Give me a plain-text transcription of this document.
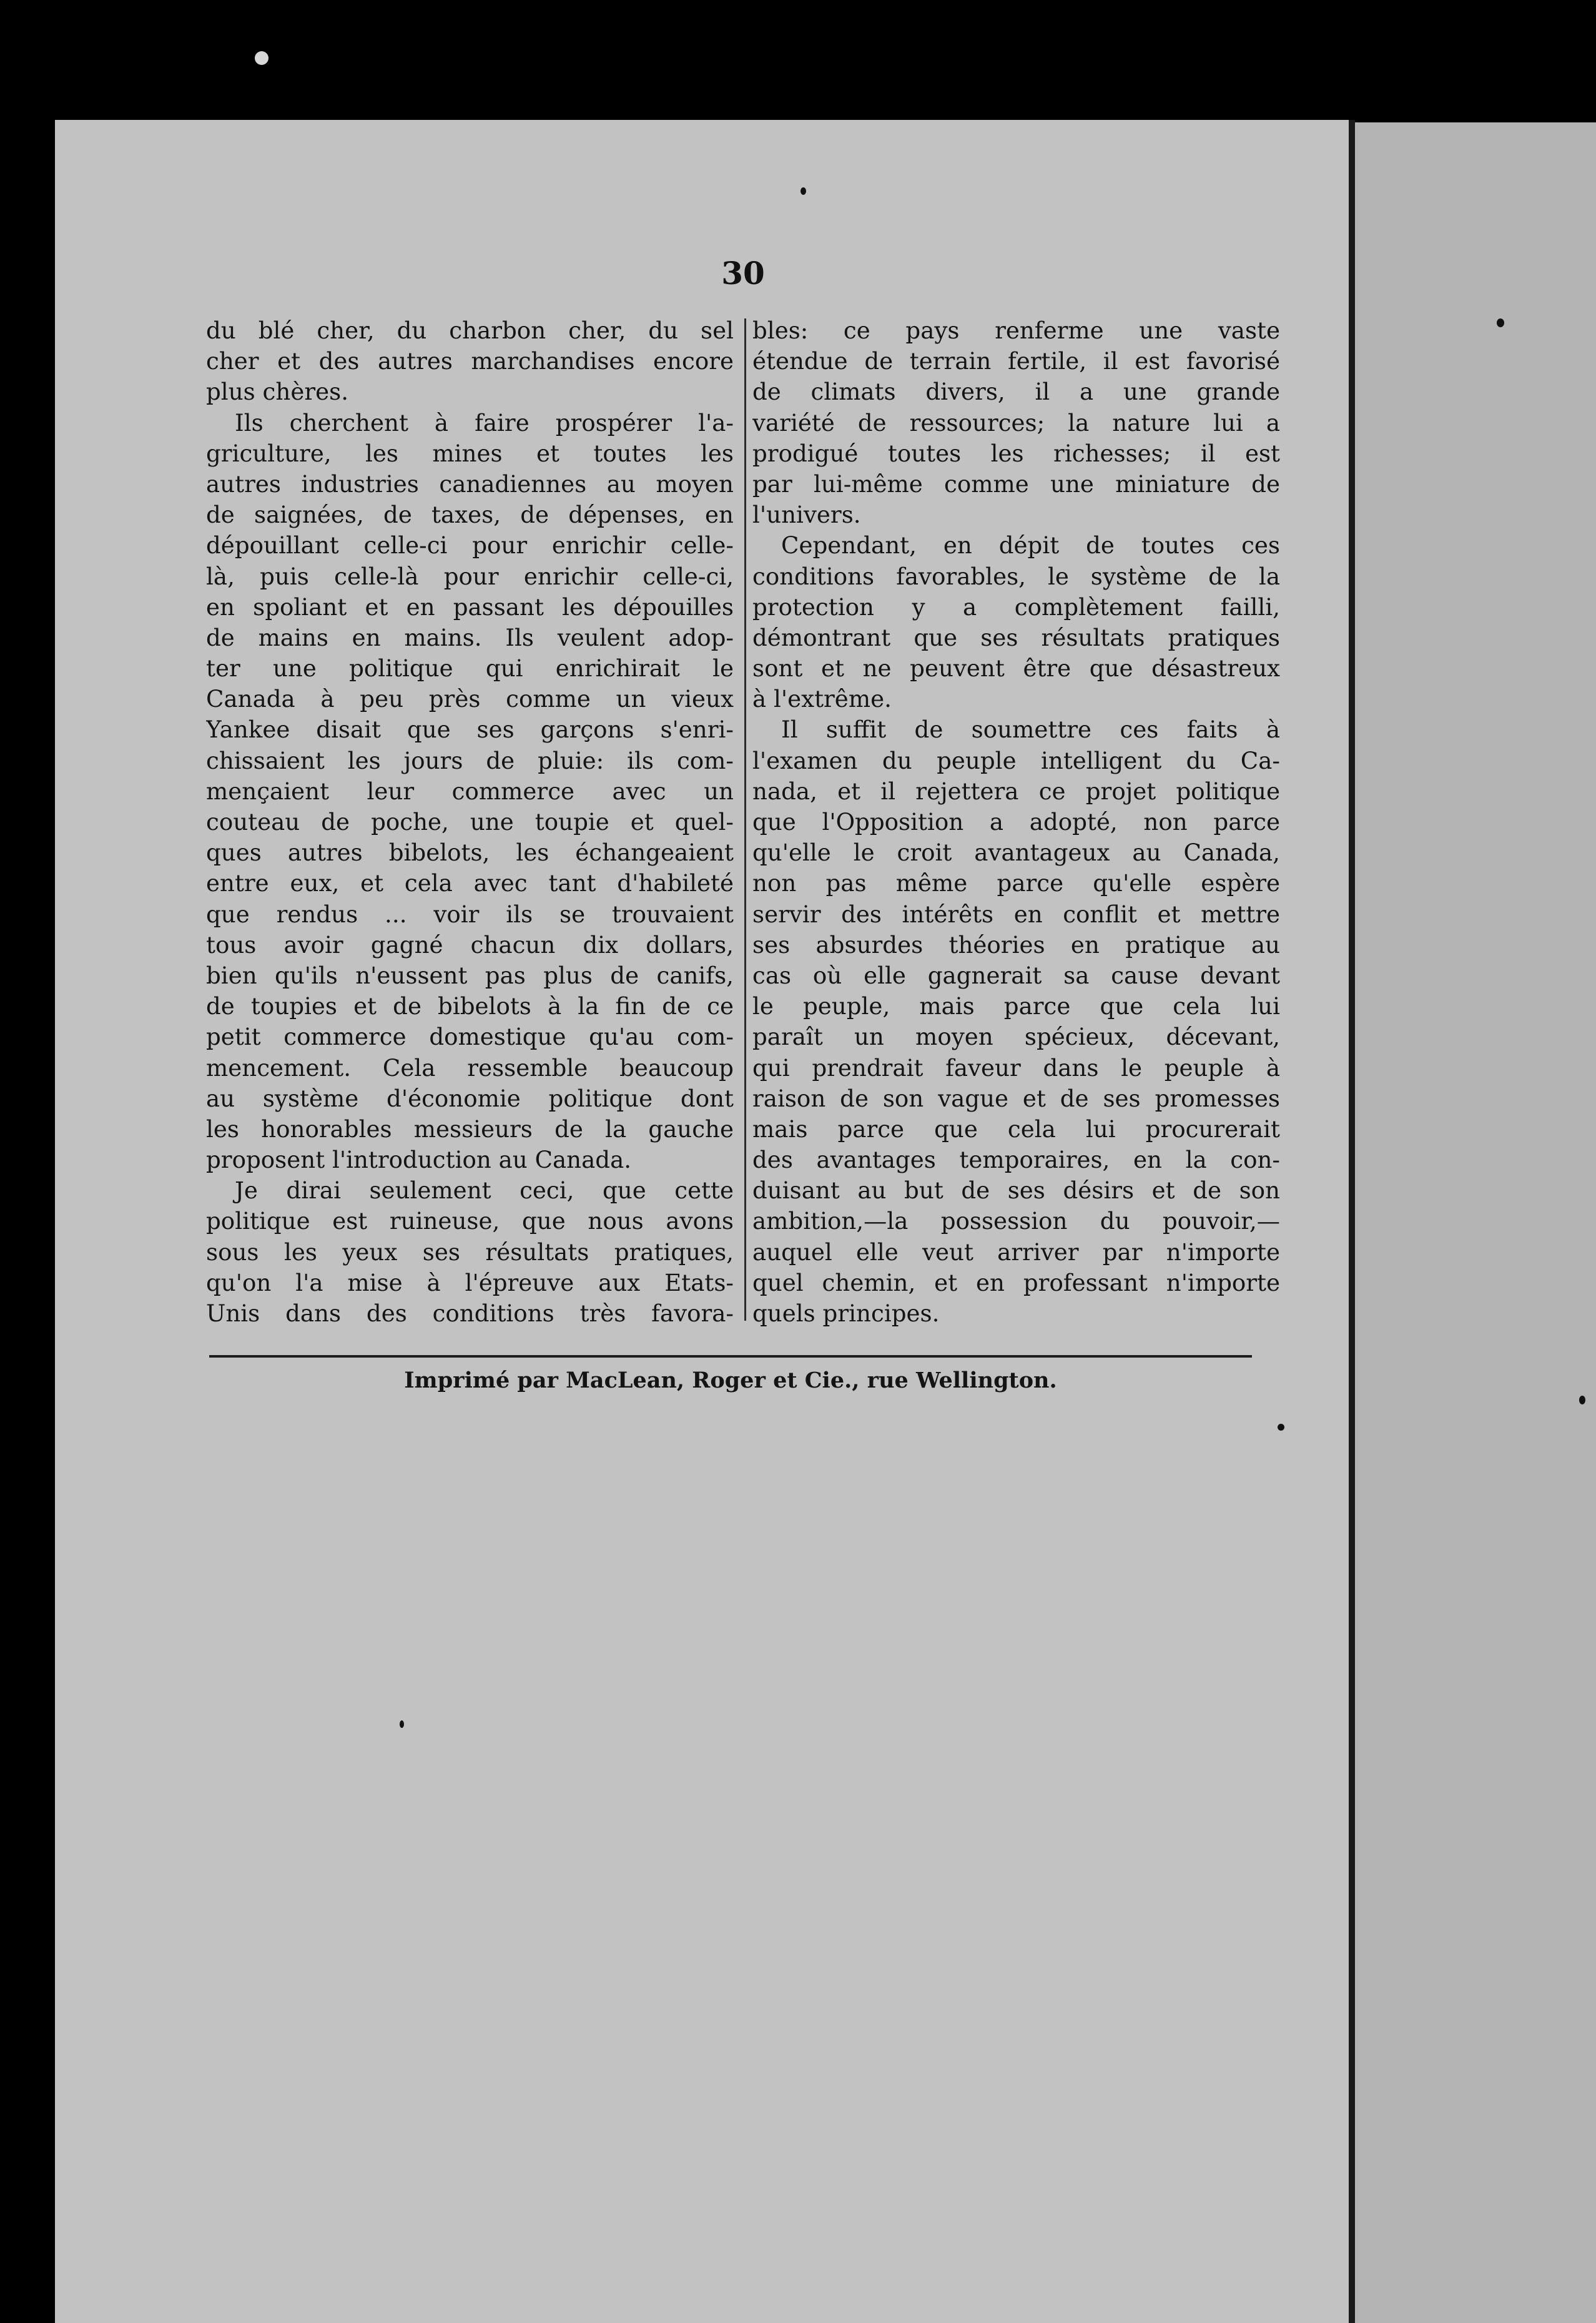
30
du blé cher, du charbon cher, du sel
cher et des autres marchandises encore
plus chères.
Ils cherchent à faire prospérer l'a-
griculture, les mines et toutes les
autres industries canadiennes au moyen
de saignées, de taxes, de dépenses, en
dépouillant celle-ci pour enrichir celle-
là, puis celle-là pour enrichir celle-ci,
en spoliant et en passant les dépouilles
de mains en mains. Ils veulent adop-
ter une politique qui enrichirait le
Canada à peu près comme un vieux
Yankee disait que ses garçons s'enri-
chissaient les jours de pluie: ils com-
mençaient leur commerce avec un
couteau de poche, une toupie et quel-
ques autres bibelots, les échangeaient
entre eux, et cela avec tant d'habileté
que rendus ... voir ils se trouvaient
tous avoir gagné chacun dix dollars,
bien qu'ils n'eussent pas plus de canifs,
de toupies et de bibelots à la fin de ce
petit commerce domestique qu'au com-
mencement. Cela ressemble beaucoup
au système d'économie politique dont
les honorables messieurs de la gauche
proposent l'introduction au Canada.
Je dirai seulement ceci, que cette
politique est ruineuse, que nous avons
sous les yeux ses résultats pratiques,
qu'on l'a mise à l'épreuve aux Etats-
Unis dans des conditions très favora-
bles: ce pays renferme une vaste
étendue de terrain fertile, il est favorisé
de climats divers, il a une grande
variété de ressources; la nature lui a
prodigué toutes les richesses; il est
par lui-même comme une miniature de
l'univers.
Cependant, en dépit de toutes ces
conditions favorables, le système de la
protection y a complètement failli,
démontrant que ses résultats pratiques
sont et ne peuvent être que désastreux
à l'extrême.
Il suffit de soumettre ces faits à
l'examen du peuple intelligent du Ca-
nada, et il rejettera ce projet politique
que l'Opposition a adopté, non parce
qu'elle le croit avantageux au Canada,
non pas même parce qu'elle espère
servir des intérêts en conflit et mettre
ses absurdes théories en pratique au
cas où elle gagnerait sa cause devant
le peuple, mais parce que cela lui
paraît un moyen spécieux, décevant,
qui prendrait faveur dans le peuple à
raison de son vague et de ses promesses
mais parce que cela lui procurerait
des avantages temporaires, en la con-
duisant au but de ses désirs et de son
ambition,—la possession du pouvoir,—
auquel elle veut arriver par n'importe
quel chemin, et en professant n'importe
quels principes.
Imprimé par MacLean, Roger et Cie., rue Wellington.
